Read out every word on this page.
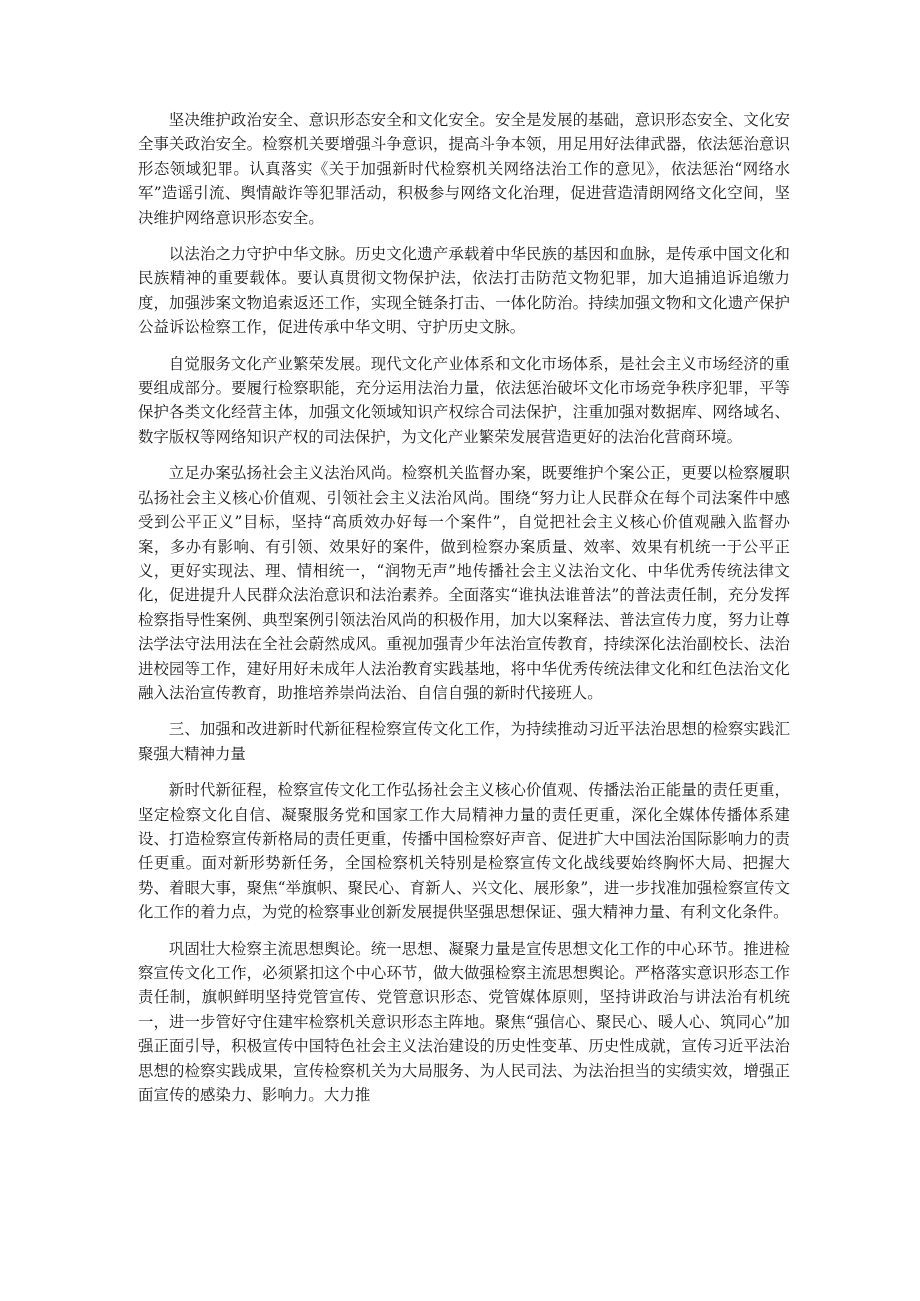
坚决维护政治安全、意识形态安全和文化安全。安全是发展的基础，意识形态安全、文化安全事关政治安全。检察机关要增强斗争意识，提高斗争本领，用足用好法律武器，依法惩治意识形态领域犯罪。认真落实《关于加强新时代检察机关网络法治工作的意见》，依法惩治“网络水军”造谣引流、舆情敲诈等犯罪活动，积极参与网络文化治理，促进营造清朗网络文化空间，坚决维护网络意识形态安全。

以法治之力守护中华文脉。历史文化遗产承载着中华民族的基因和血脉，是传承中国文化和民族精神的重要载体。要认真贯彻文物保护法，依法打击防范文物犯罪，加大追捕追诉追缴力度，加强涉案文物追索返还工作，实现全链条打击、一体化防治。持续加强文物和文化遗产保护公益诉讼检察工作，促进传承中华文明、守护历史文脉。

自觉服务文化产业繁荣发展。现代文化产业体系和文化市场体系，是社会主义市场经济的重要组成部分。要履行检察职能，充分运用法治力量，依法惩治破坏文化市场竞争秩序犯罪，平等保护各类文化经营主体，加强文化领域知识产权综合司法保护，注重加强对数据库、网络域名、数字版权等网络知识产权的司法保护，为文化产业繁荣发展营造更好的法治化营商环境。

立足办案弘扬社会主义法治风尚。检察机关监督办案，既要维护个案公正，更要以检察履职弘扬社会主义核心价值观、引领社会主义法治风尚。围绕“努力让人民群众在每个司法案件中感受到公平正义”目标，坚持“高质效办好每一个案件”，自觉把社会主义核心价值观融入监督办案，多办有影响、有引领、效果好的案件，做到检察办案质量、效率、效果有机统一于公平正义，更好实现法、理、情相统一，“润物无声”地传播社会主义法治文化、中华优秀传统法律文化，促进提升人民群众法治意识和法治素养。全面落实“谁执法谁普法”的普法责任制，充分发挥检察指导性案例、典型案例引领法治风尚的积极作用，加大以案释法、普法宣传力度，努力让尊法学法守法用法在全社会蔚然成风。重视加强青少年法治宣传教育，持续深化法治副校长、法治进校园等工作，建好用好未成年人法治教育实践基地，将中华优秀传统法律文化和红色法治文化融入法治宣传教育，助推培养崇尚法治、自信自强的新时代接班人。

三、加强和改进新时代新征程检察宣传文化工作，为持续推动习近平法治思想的检察实践汇聚强大精神力量

新时代新征程，检察宣传文化工作弘扬社会主义核心价值观、传播法治正能量的责任更重，坚定检察文化自信、凝聚服务党和国家工作大局精神力量的责任更重，深化全媒体传播体系建设、打造检察宣传新格局的责任更重，传播中国检察好声音、促进扩大中国法治国际影响力的责任更重。面对新形势新任务，全国检察机关特别是检察宣传文化战线要始终胸怀大局、把握大势、着眼大事，聚焦“举旗帜、聚民心、育新人、兴文化、展形象”，进一步找准加强检察宣传文化工作的着力点，为党的检察事业创新发展提供坚强思想保证、强大精神力量、有利文化条件。

巩固壮大检察主流思想舆论。统一思想、凝聚力量是宣传思想文化工作的中心环节。推进检察宣传文化工作，必须紧扣这个中心环节，做大做强检察主流思想舆论。严格落实意识形态工作责任制，旗帜鲜明坚持党管宣传、党管意识形态、党管媒体原则，坚持讲政治与讲法治有机统一，进一步管好守住建牢检察机关意识形态主阵地。聚焦“强信心、聚民心、暖人心、筑同心”加强正面引导，积极宣传中国特色社会主义法治建设的历史性变革、历史性成就，宣传习近平法治思想的检察实践成果，宣传检察机关为大局服务、为人民司法、为法治担当的实绩实效，增强正面宣传的感染力、影响力。大力推
